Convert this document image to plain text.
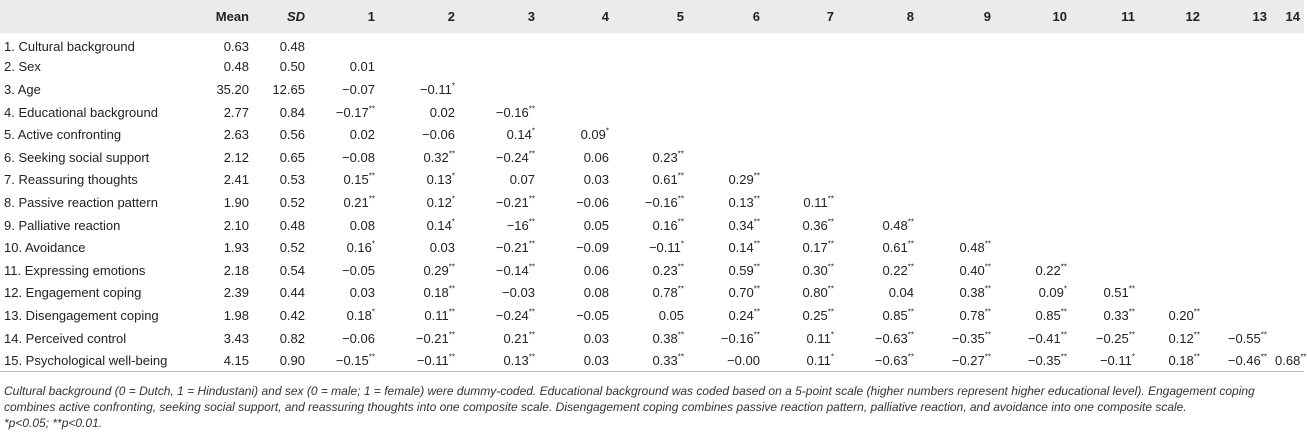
	Mean	SD	1	2	3	4	5	6	7	8	9	10	11	12	13	14
1. Cultural background	0.63	0.48														
2. Sex	0.48	0.50	0.01													
3. Age	35.20	12.65	−0.07	−0.11*												
4. Educational background	2.77	0.84	−0.17**	0.02	−0.16**											
5. Active confronting	2.63	0.56	0.02	−0.06	0.14*	0.09*										
6. Seeking social support	2.12	0.65	−0.08	0.32**	−0.24**	0.06	0.23**									
7. Reassuring thoughts	2.41	0.53	0.15**	0.13*	0.07	0.03	0.61**	0.29**								
8. Passive reaction pattern	1.90	0.52	0.21**	0.12*	−0.21**	−0.06	−0.16**	0.13**	0.11**							
9. Palliative reaction	2.10	0.48	0.08	0.14*	−16**	0.05	0.16**	0.34**	0.36**	0.48**						
10. Avoidance	1.93	0.52	0.16*	0.03	−0.21**	−0.09	−0.11*	0.14**	0.17**	0.61**	0.48**					
11. Expressing emotions	2.18	0.54	−0.05	0.29**	−0.14**	0.06	0.23**	0.59**	0.30**	0.22**	0.40**	0.22**				
12. Engagement coping	2.39	0.44	0.03	0.18**	−0.03	0.08	0.78**	0.70**	0.80**	0.04	0.38**	0.09*	0.51**			
13. Disengagement coping	1.98	0.42	0.18*	0.11**	−0.24**	−0.05	0.05	0.24**	0.25**	0.85**	0.78**	0.85**	0.33**	0.20**		
14. Perceived control	3.43	0.82	−0.06	−0.21**	0.21**	0.03	0.38**	−0.16**	0.11*	−0.63**	−0.35**	−0.41**	−0.25**	0.12**	−0.55**	
15. Psychological well-being	4.15	0.90	−0.15**	−0.11**	0.13**	0.03	0.33**	−0.00	0.11*	−0.63**	−0.27**	−0.35**	−0.11*	0.18**	−0.46**	0.68**

Cultural background (0 = Dutch, 1 = Hindustani) and sex (0 = male; 1 = female) were dummy-coded. Educational background was coded based on a 5-point scale (higher numbers represent higher educational level). Engagement coping combines active confronting, seeking social support, and reassuring thoughts into one composite scale. Disengagement coping combines passive reaction pattern, palliative reaction, and avoidance into one composite scale.

*p<0.05; **p<0.01.
